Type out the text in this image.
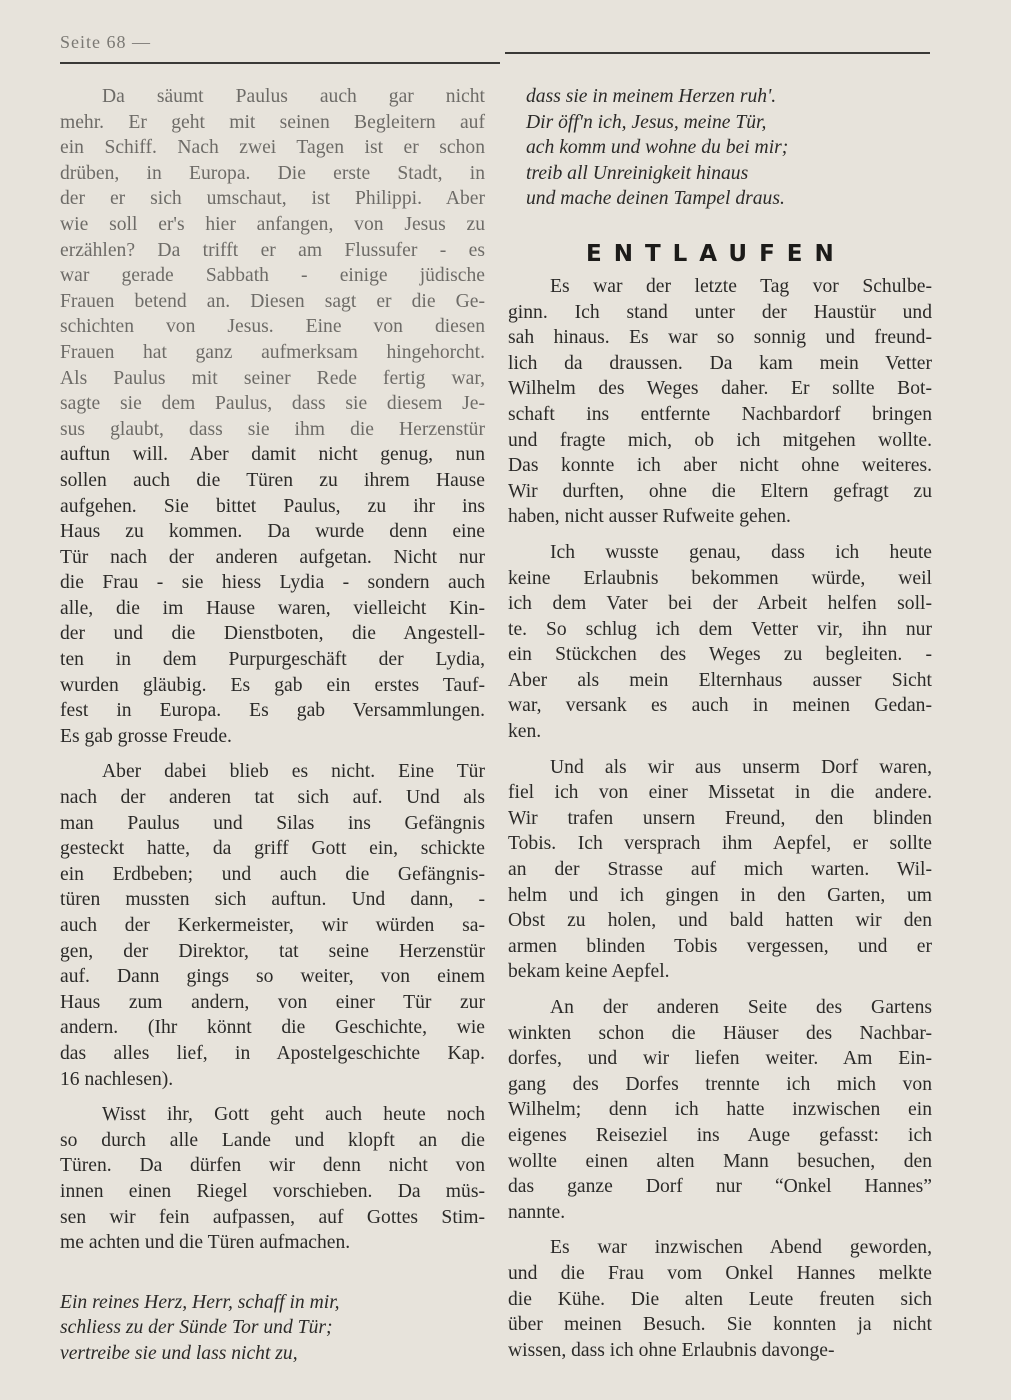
Seite 68 —
Da säumt Paulus auch gar nicht
mehr. Er geht mit seinen Begleitern auf
ein Schiff. Nach zwei Tagen ist er schon
drüben, in Europa. Die erste Stadt, in
der er sich umschaut, ist Philippi. Aber
wie soll er's hier anfangen, von Jesus zu
erzählen? Da trifft er am Flussufer - es
war gerade Sabbath - einige jüdische
Frauen betend an. Diesen sagt er die Ge-
schichten von Jesus. Eine von diesen
Frauen hat ganz aufmerksam hingehorcht.
Als Paulus mit seiner Rede fertig war,
sagte sie dem Paulus, dass sie diesem Je-
sus glaubt, dass sie ihm die Herzenstür
auftun will. Aber damit nicht genug, nun
sollen auch die Türen zu ihrem Hause
aufgehen. Sie bittet Paulus, zu ihr ins
Haus zu kommen. Da wurde denn eine
Tür nach der anderen aufgetan. Nicht nur
die Frau - sie hiess Lydia - sondern auch
alle, die im Hause waren, vielleicht Kin-
der und die Dienstboten, die Angestell-
ten in dem Purpurgeschäft der Lydia,
wurden gläubig. Es gab ein erstes Tauf-
fest in Europa. Es gab Versammlungen.
Es gab grosse Freude.
Aber dabei blieb es nicht. Eine Tür
nach der anderen tat sich auf. Und als
man Paulus und Silas ins Gefängnis
gesteckt hatte, da griff Gott ein, schickte
ein Erdbeben; und auch die Gefängnis-
türen mussten sich auftun. Und dann, -
auch der Kerkermeister, wir würden sa-
gen, der Direktor, tat seine Herzenstür
auf. Dann gings so weiter, von einem
Haus zum andern, von einer Tür zur
andern. (Ihr könnt die Geschichte, wie
das alles lief, in Apostelgeschichte Kap.
16 nachlesen).
Wisst ihr, Gott geht auch heute noch
so durch alle Lande und klopft an die
Türen. Da dürfen wir denn nicht von
innen einen Riegel vorschieben. Da müs-
sen wir fein aufpassen, auf Gottes Stim-
me achten und die Türen aufmachen.
Ein reines Herz, Herr, schaff in mir,
schliess zu der Sünde Tor und Tür;
vertreibe sie und lass nicht zu,
dass sie in meinem Herzen ruh'.
Dir öff'n ich, Jesus, meine Tür,
ach komm und wohne du bei mir;
treib all Unreinigkeit hinaus
und mache deinen Tampel draus.
ENTLAUFEN
Es war der letzte Tag vor Schulbe-
ginn. Ich stand unter der Haustür und
sah hinaus. Es war so sonnig und freund-
lich da draussen. Da kam mein Vetter
Wilhelm des Weges daher. Er sollte Bot-
schaft ins entfernte Nachbardorf bringen
und fragte mich, ob ich mitgehen wollte.
Das konnte ich aber nicht ohne weiteres.
Wir durften, ohne die Eltern gefragt zu
haben, nicht ausser Rufweite gehen.
Ich wusste genau, dass ich heute
keine Erlaubnis bekommen würde, weil
ich dem Vater bei der Arbeit helfen soll-
te. So schlug ich dem Vetter vir, ihn nur
ein Stückchen des Weges zu begleiten. -
Aber als mein Elternhaus ausser Sicht
war, versank es auch in meinen Gedan-
ken.
Und als wir aus unserm Dorf waren,
fiel ich von einer Missetat in die andere.
Wir trafen unsern Freund, den blinden
Tobis. Ich versprach ihm Aepfel, er sollte
an der Strasse auf mich warten. Wil-
helm und ich gingen in den Garten, um
Obst zu holen, und bald hatten wir den
armen blinden Tobis vergessen, und er
bekam keine Aepfel.
An der anderen Seite des Gartens
winkten schon die Häuser des Nachbar-
dorfes, und wir liefen weiter. Am Ein-
gang des Dorfes trennte ich mich von
Wilhelm; denn ich hatte inzwischen ein
eigenes Reiseziel ins Auge gefasst: ich
wollte einen alten Mann besuchen, den
das ganze Dorf nur “Onkel Hannes”
nannte.
Es war inzwischen Abend geworden,
und die Frau vom Onkel Hannes melkte
die Kühe. Die alten Leute freuten sich
über meinen Besuch. Sie konnten ja nicht
wissen, dass ich ohne Erlaubnis davonge-
